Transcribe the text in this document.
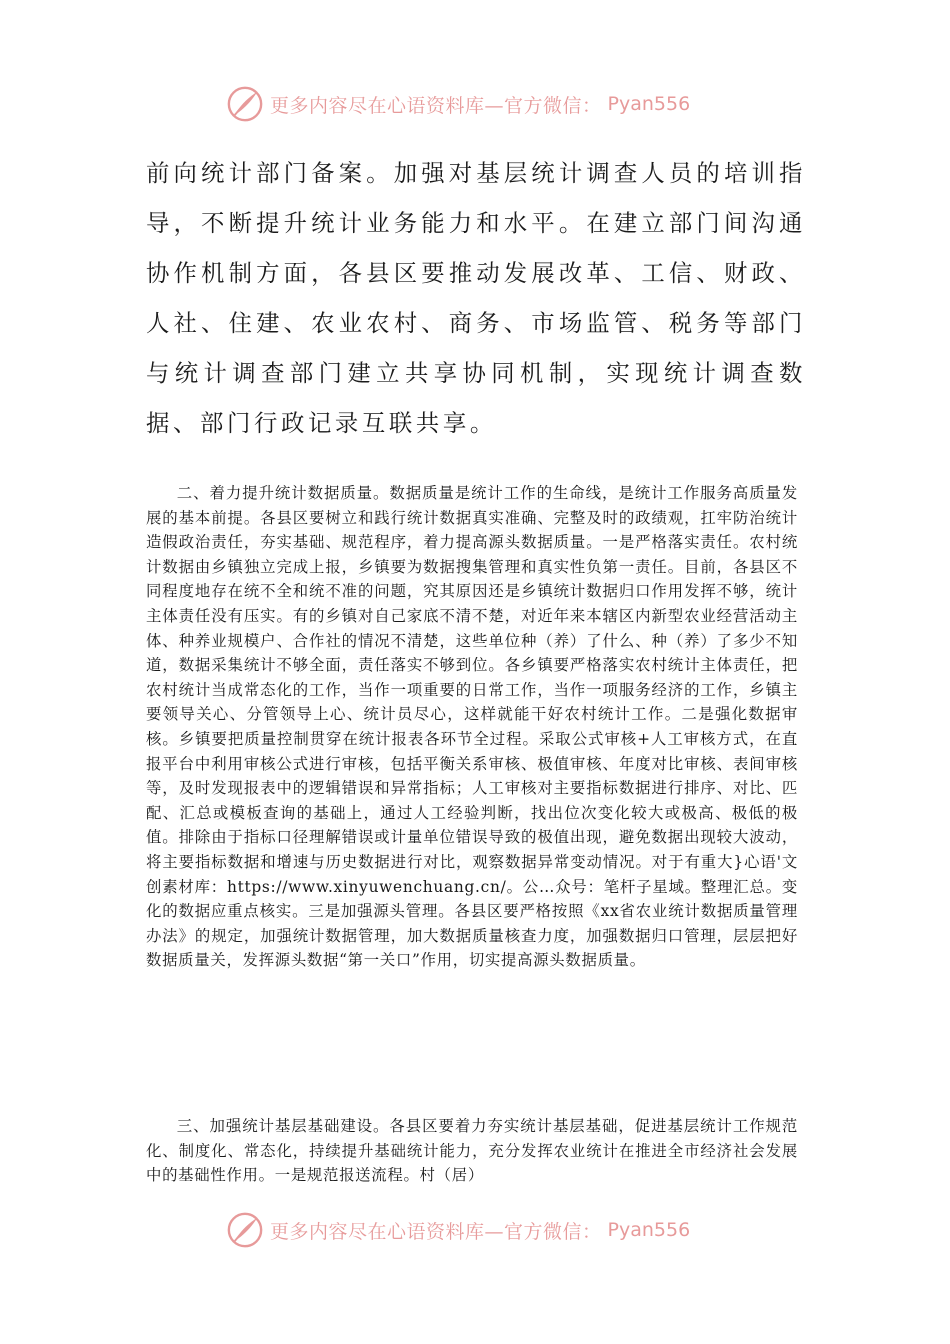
更多内容尽在心语资料库—官方微信： Pyan556

前向统计部门备案。加强对基层统计调查人员的培训指导，不断提升统计业务能力和水平。在建立部门间沟通协作机制方面，各县区要推动发展改革、工信、财政、人社、住建、农业农村、商务、市场监管、税务等部门与统计调查部门建立共享协同机制，实现统计调查数据、部门行政记录互联共享。

二、着力提升统计数据质量。数据质量是统计工作的生命线，是统计工作服务高质量发展的基本前提。各县区要树立和践行统计数据真实准确、完整及时的政绩观，扛牢防治统计造假政治责任，夯实基础、规范程序，着力提高源头数据质量。一是严格落实责任。农村统计数据由乡镇独立完成上报，乡镇要为数据搜集管理和真实性负第一责任。目前，各县区不同程度地存在统不全和统不准的问题，究其原因还是乡镇统计数据归口作用发挥不够，统计主体责任没有压实。有的乡镇对自己家底不清不楚，对近年来本辖区内新型农业经营活动主体、种养业规模户、合作社的情况不清楚，这些单位种（养）了什么、种（养）了多少不知道，数据采集统计不够全面，责任落实不够到位。各乡镇要严格落实农村统计主体责任，把农村统计当成常态化的工作，当作一项重要的日常工作，当作一项服务经济的工作，乡镇主要领导关心、分管领导上心、统计员尽心，这样就能干好农村统计工作。二是强化数据审核。乡镇要把质量控制贯穿在统计报表各环节全过程。采取公式审核+人工审核方式，在直报平台中利用审核公式进行审核，包括平衡关系审核、极值审核、年度对比审核、表间审核等，及时发现报表中的逻辑错误和异常指标；人工审核对主要指标数据进行排序、对比、匹配、汇总或模板查询的基础上，通过人工经验判断，找出位次变化较大或极高、极低的极值。排除由于指标口径理解错误或计量单位错误导致的极值出现，避免数据出现较大波动，将主要指标数据和增速与历史数据进行对比，观察数据异常变动情况。对于有重大}心语'文创素材库：https://www.xinyuwenchuang.cn/。公…众号：笔杆子星域。整理汇总。变化的数据应重点核实。三是加强源头管理。各县区要严格按照《xx省农业统计数据质量管理办法》的规定，加强统计数据管理，加大数据质量核查力度，加强数据归口管理，层层把好数据质量关，发挥源头数据“第一关口”作用，切实提高源头数据质量。

三、加强统计基层基础建设。各县区要着力夯实统计基层基础，促进基层统计工作规范化、制度化、常态化，持续提升基础统计能力，充分发挥农业统计在推进全市经济社会发展中的基础性作用。一是规范报送流程。村（居）

更多内容尽在心语资料库—官方微信： Pyan556
